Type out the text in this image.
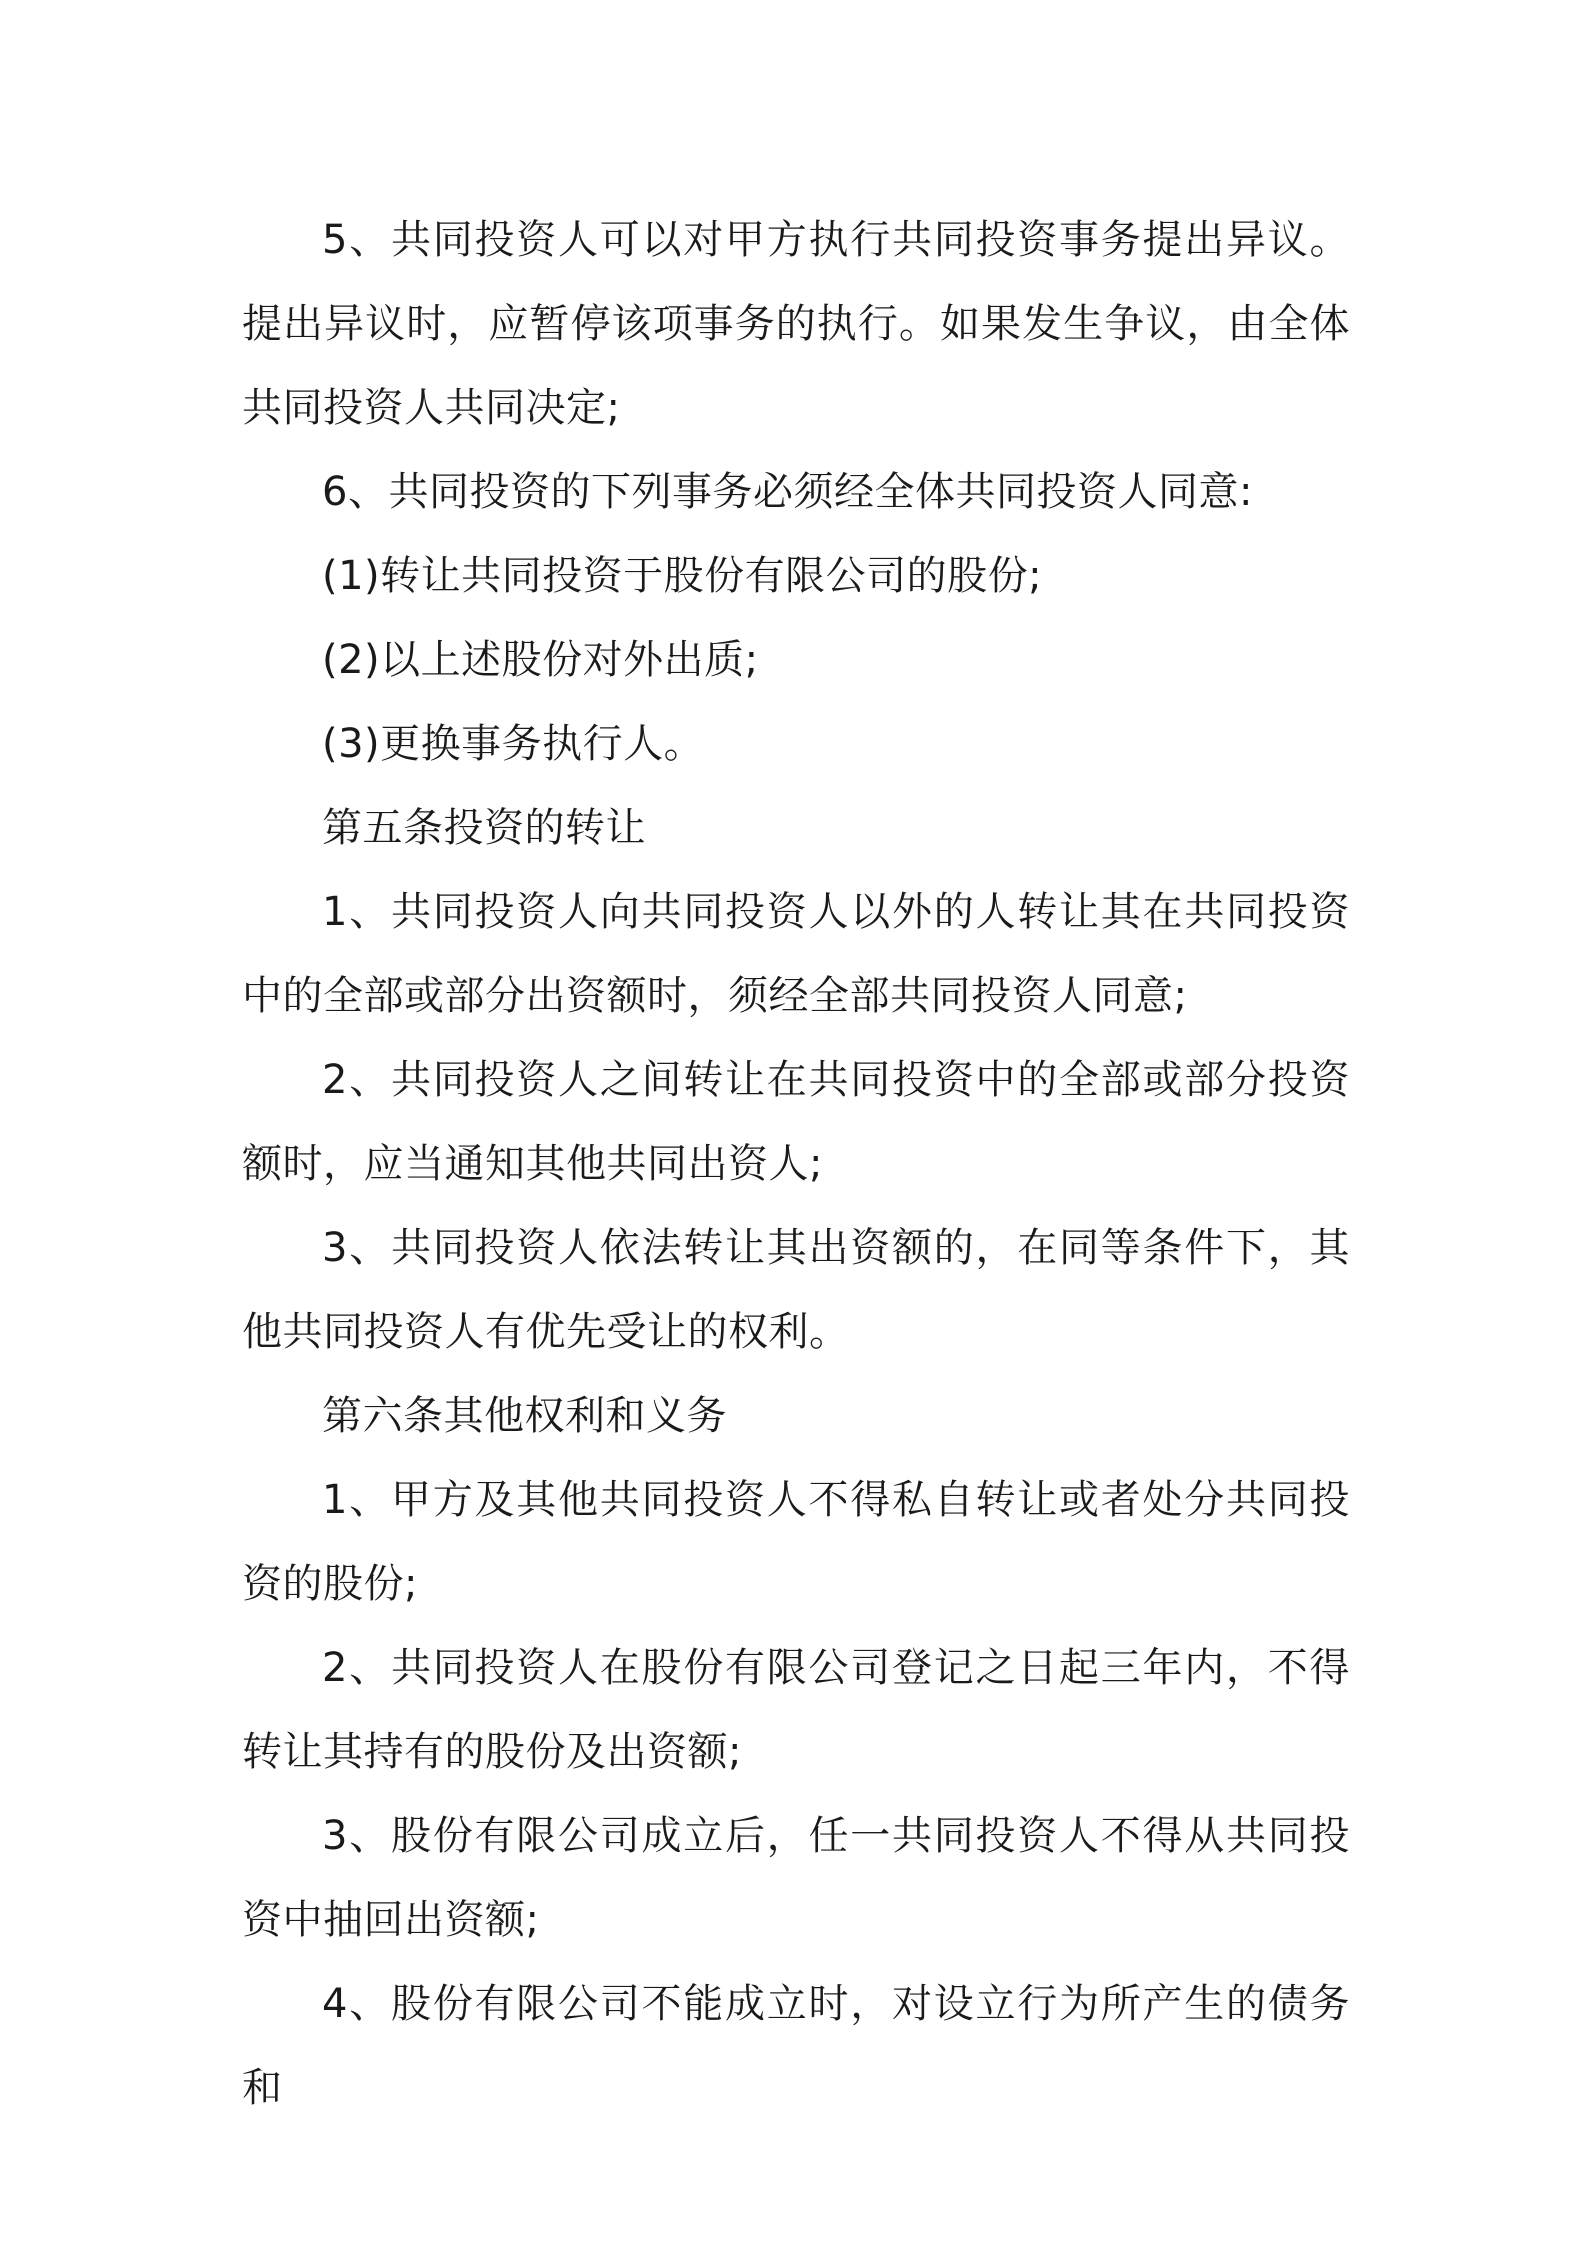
5、共同投资人可以对甲方执行共同投资事务提出异议。提出异议时，应暂停该项事务的执行。如果发生争议，由全体共同投资人共同决定;

6、共同投资的下列事务必须经全体共同投资人同意:

(1)转让共同投资于股份有限公司的股份;

(2)以上述股份对外出质;

(3)更换事务执行人。

第五条投资的转让

1、共同投资人向共同投资人以外的人转让其在共同投资中的全部或部分出资额时，须经全部共同投资人同意;

2、共同投资人之间转让在共同投资中的全部或部分投资额时，应当通知其他共同出资人;

3、共同投资人依法转让其出资额的，在同等条件下，其他共同投资人有优先受让的权利。

第六条其他权利和义务

1、甲方及其他共同投资人不得私自转让或者处分共同投资的股份;

2、共同投资人在股份有限公司登记之日起三年内，不得转让其持有的股份及出资额;

3、股份有限公司成立后，任一共同投资人不得从共同投资中抽回出资额;

4、股份有限公司不能成立时，对设立行为所产生的债务和
